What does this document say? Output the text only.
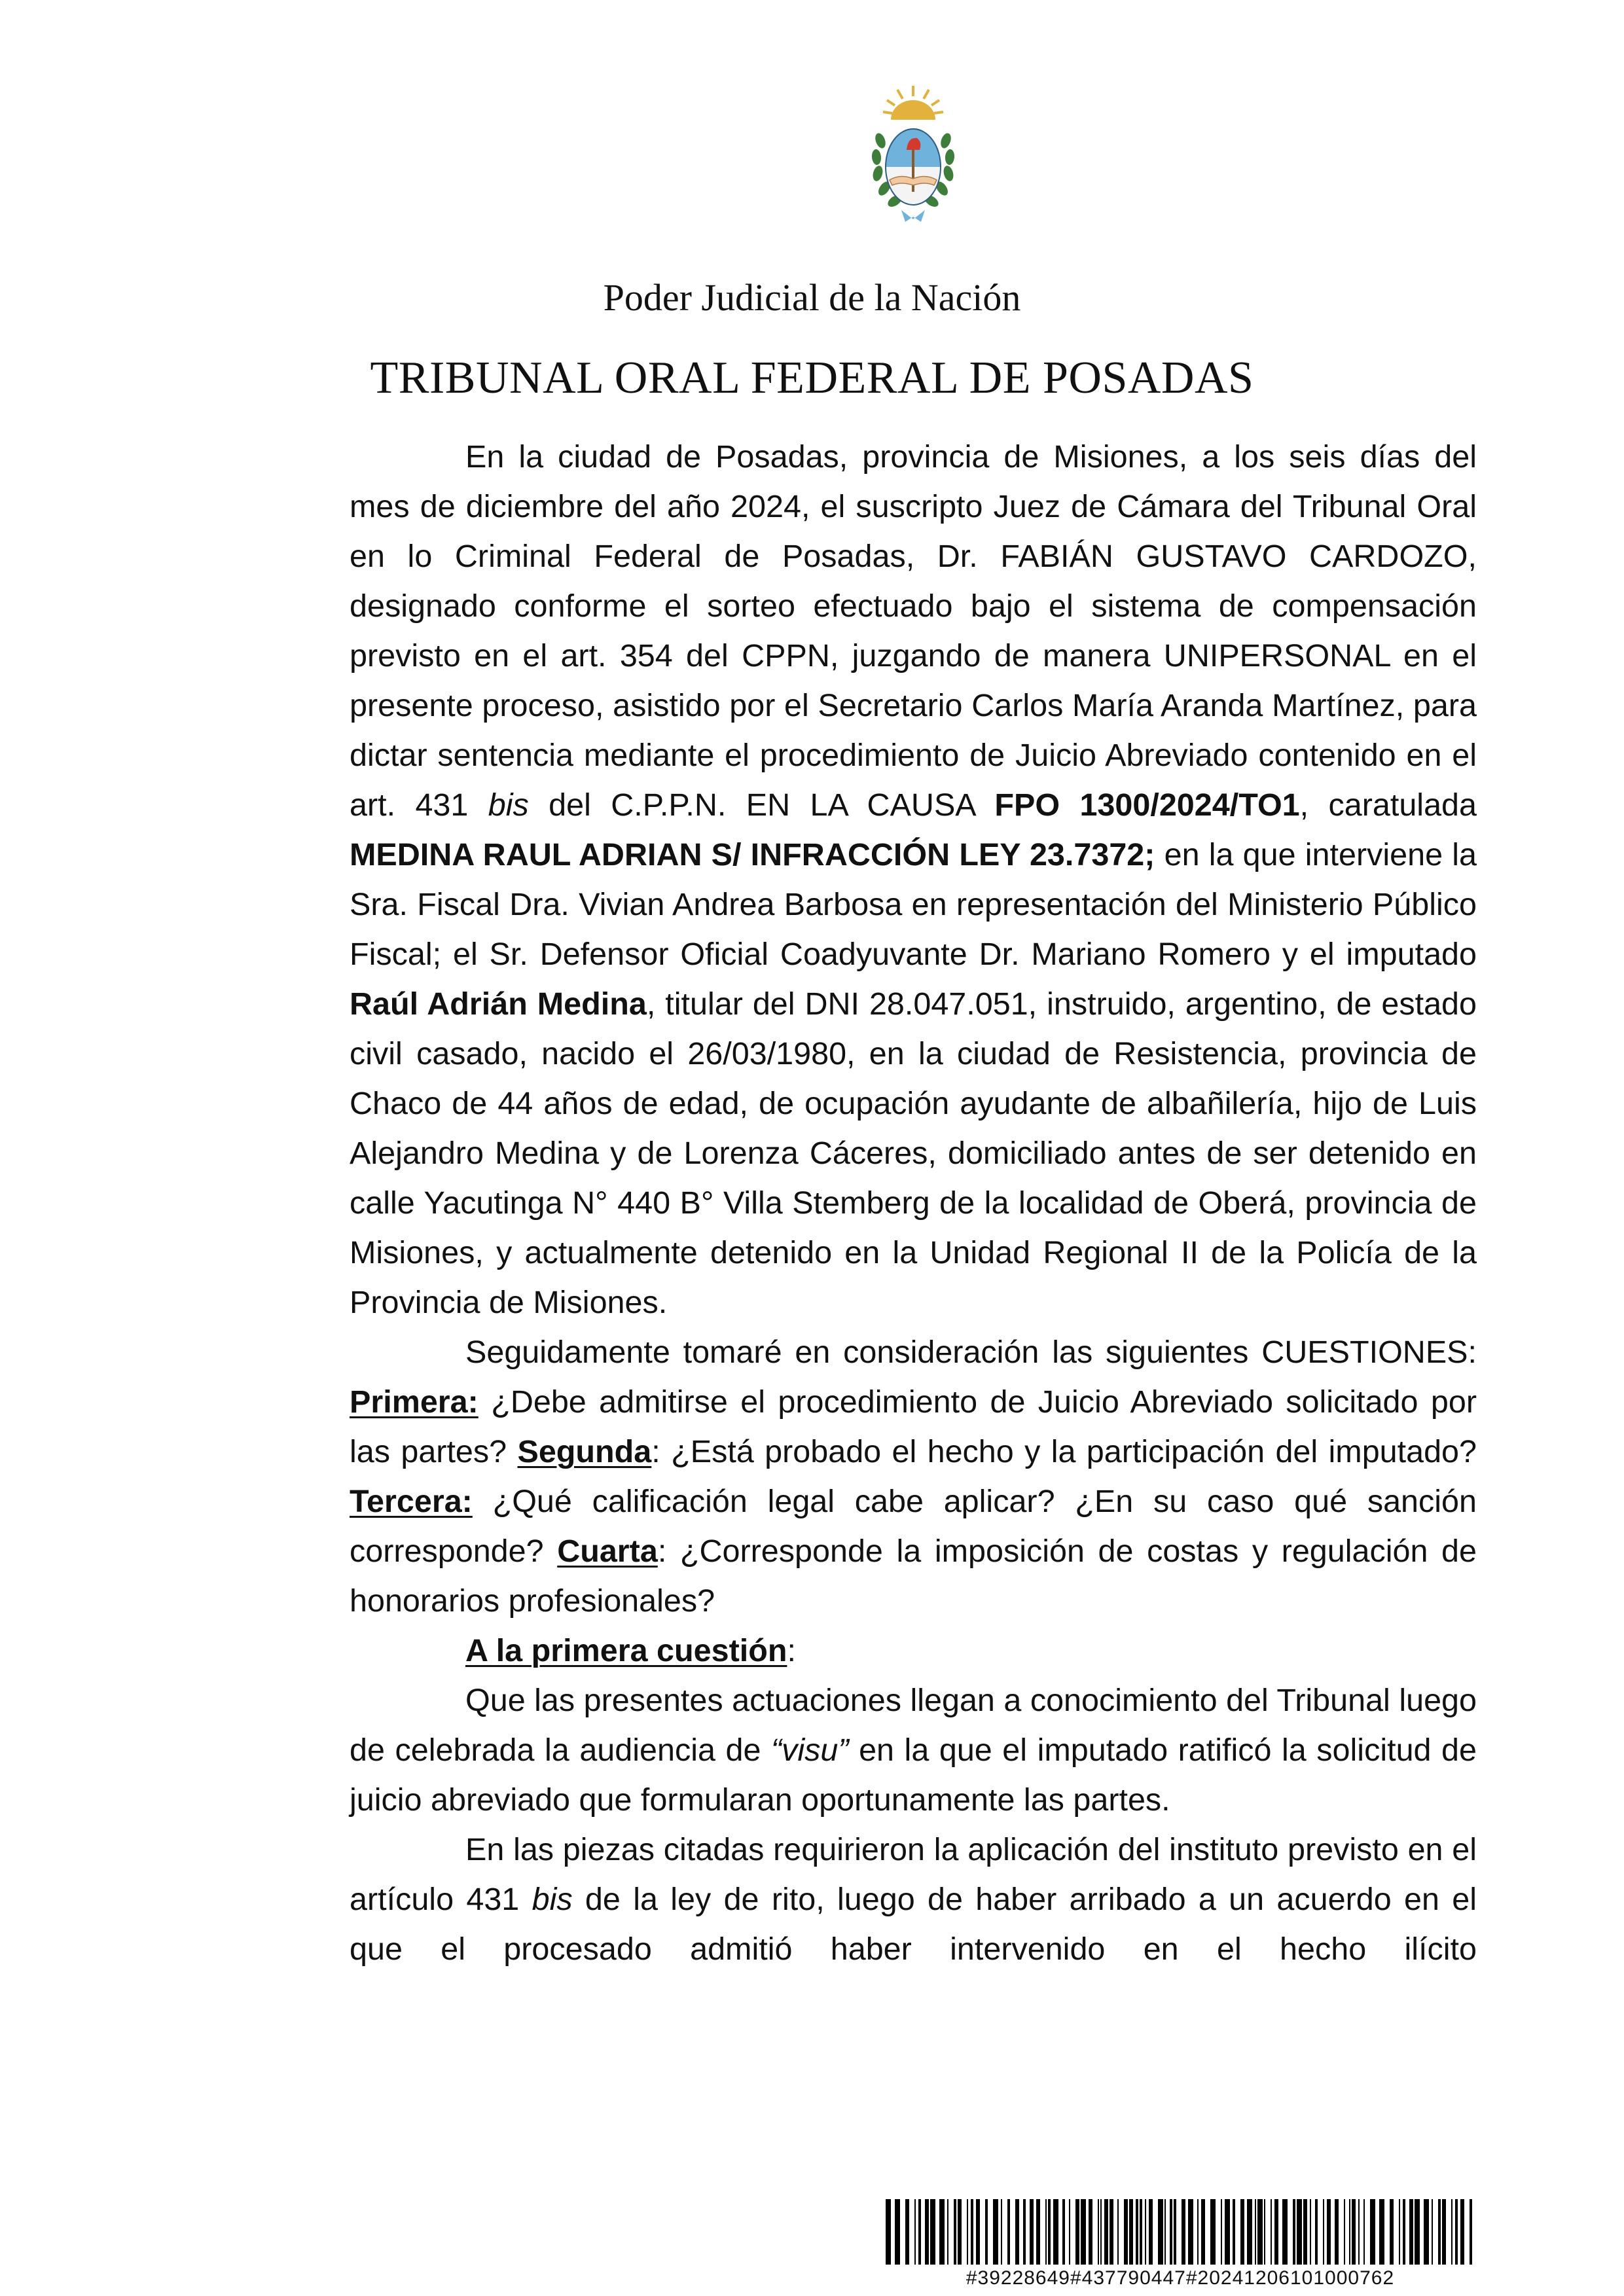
Poder Judicial de la Nación
TRIBUNAL ORAL FEDERAL DE POSADAS

En la ciudad de Posadas, provincia de Misiones, a los seis días del mes de diciembre del año 2024, el suscripto Juez de Cámara del Tribunal Oral en lo Criminal Federal de Posadas, Dr. FABIÁN GUSTAVO CARDOZO, designado conforme el sorteo efectuado bajo el sistema de compensación previsto en el art. 354 del CPPN, juzgando de manera UNIPERSONAL en el presente proceso, asistido por el Secretario Carlos María Aranda Martínez, para dictar sentencia mediante el procedimiento de Juicio Abreviado contenido en el art. 431 bis del C.P.P.N. EN LA CAUSA FPO 1300/2024/TO1, caratulada MEDINA RAUL ADRIAN S/ INFRACCIÓN LEY 23.7372; en la que interviene la Sra. Fiscal Dra. Vivian Andrea Barbosa en representación del Ministerio Público Fiscal; el Sr. Defensor Oficial Coadyuvante Dr. Mariano Romero y el imputado Raúl Adrián Medina, titular del DNI 28.047.051, instruido, argentino, de estado civil casado, nacido el 26/03/1980, en la ciudad de Resistencia, provincia de Chaco de 44 años de edad, de ocupación ayudante de albañilería, hijo de Luis Alejandro Medina y de Lorenza Cáceres, domiciliado antes de ser detenido en calle Yacutinga N° 440 B° Villa Stemberg de la localidad de Oberá, provincia de Misiones, y actualmente detenido en la Unidad Regional II de la Policía de la Provincia de Misiones.

Seguidamente tomaré en consideración las siguientes CUESTIONES: Primera: ¿Debe admitirse el procedimiento de Juicio Abreviado solicitado por las partes? Segunda: ¿Está probado el hecho y la participación del imputado? Tercera: ¿Qué calificación legal cabe aplicar? ¿En su caso qué sanción corresponde? Cuarta: ¿Corresponde la imposición de costas y regulación de honorarios profesionales?

A la primera cuestión:

Que las presentes actuaciones llegan a conocimiento del Tribunal luego de celebrada la audiencia de “visu” en la que el imputado ratificó la solicitud de juicio abreviado que formularan oportunamente las partes.

En las piezas citadas requirieron la aplicación del instituto previsto en el artículo 431 bis de la ley de rito, luego de haber arribado a un acuerdo en el que el procesado admitió haber intervenido en el hecho ilícito

#39228649#437790447#20241206101000762
